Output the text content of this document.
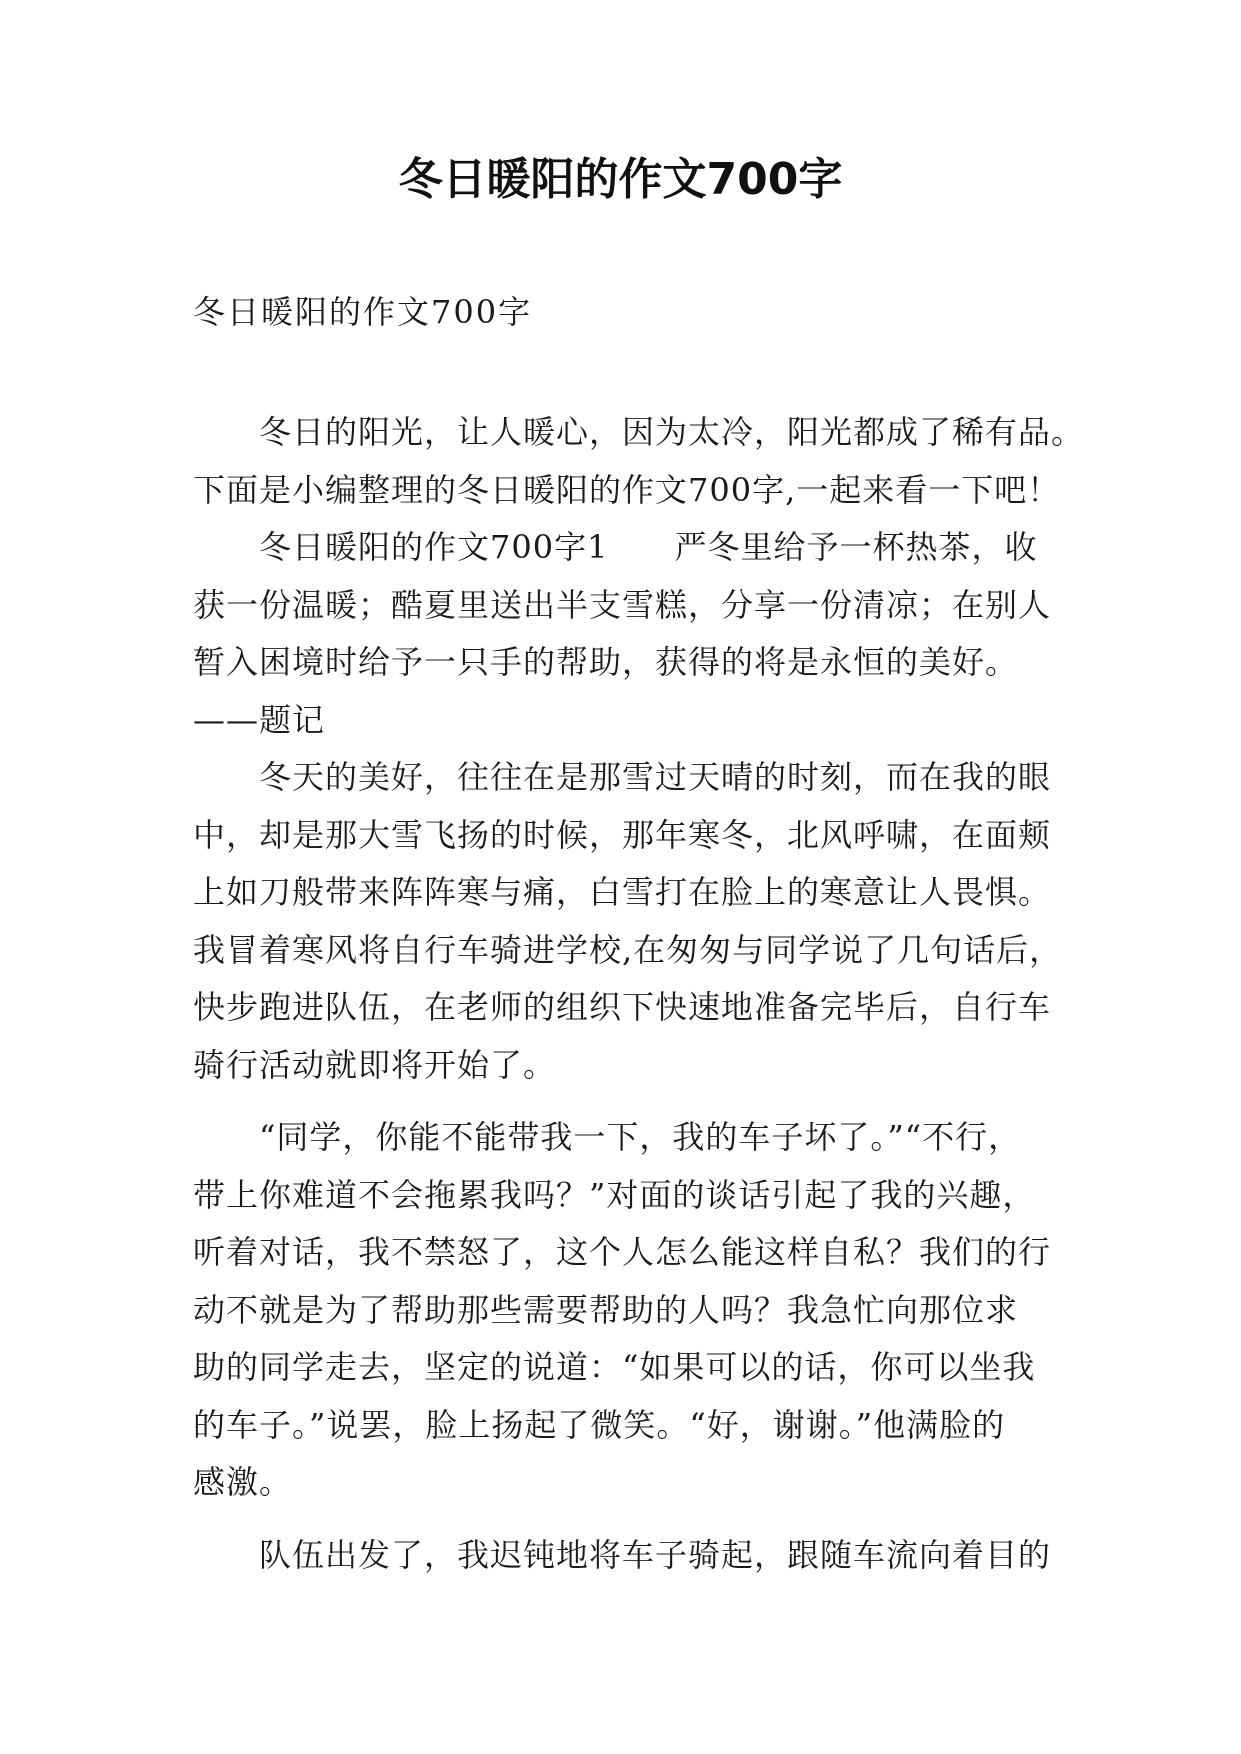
冬日暖阳的作文700字
冬日暖阳的作文700字
　　冬日的阳光，让人暖心，因为太冷，阳光都成了稀有品。
下面是小编整理的冬日暖阳的作文700字,一起来看一下吧！
　　冬日暖阳的作文700字1　　严冬里给予一杯热茶，收
获一份温暖；酷夏里送出半支雪糕，分享一份清凉；在别人
暂入困境时给予一只手的帮助，获得的将是永恒的美好。
——题记
　　冬天的美好，往往在是那雪过天晴的时刻，而在我的眼
中，却是那大雪飞扬的时候，那年寒冬，北风呼啸，在面颊
上如刀般带来阵阵寒与痛，白雪打在脸上的寒意让人畏惧。
我冒着寒风将自行车骑进学校,在匆匆与同学说了几句话后，
快步跑进队伍，在老师的组织下快速地准备完毕后，自行车
骑行活动就即将开始了。
　　“同学，你能不能带我一下，我的车子坏了。”“不行，
带上你难道不会拖累我吗？”对面的谈话引起了我的兴趣，
听着对话，我不禁怒了，这个人怎么能这样自私？我们的行
动不就是为了帮助那些需要帮助的人吗？我急忙向那位求
助的同学走去，坚定的说道：“如果可以的话，你可以坐我
的车子。”说罢，脸上扬起了微笑。“好，谢谢。”他满脸的
感激。
　　队伍出发了，我迟钝地将车子骑起，跟随车流向着目的
